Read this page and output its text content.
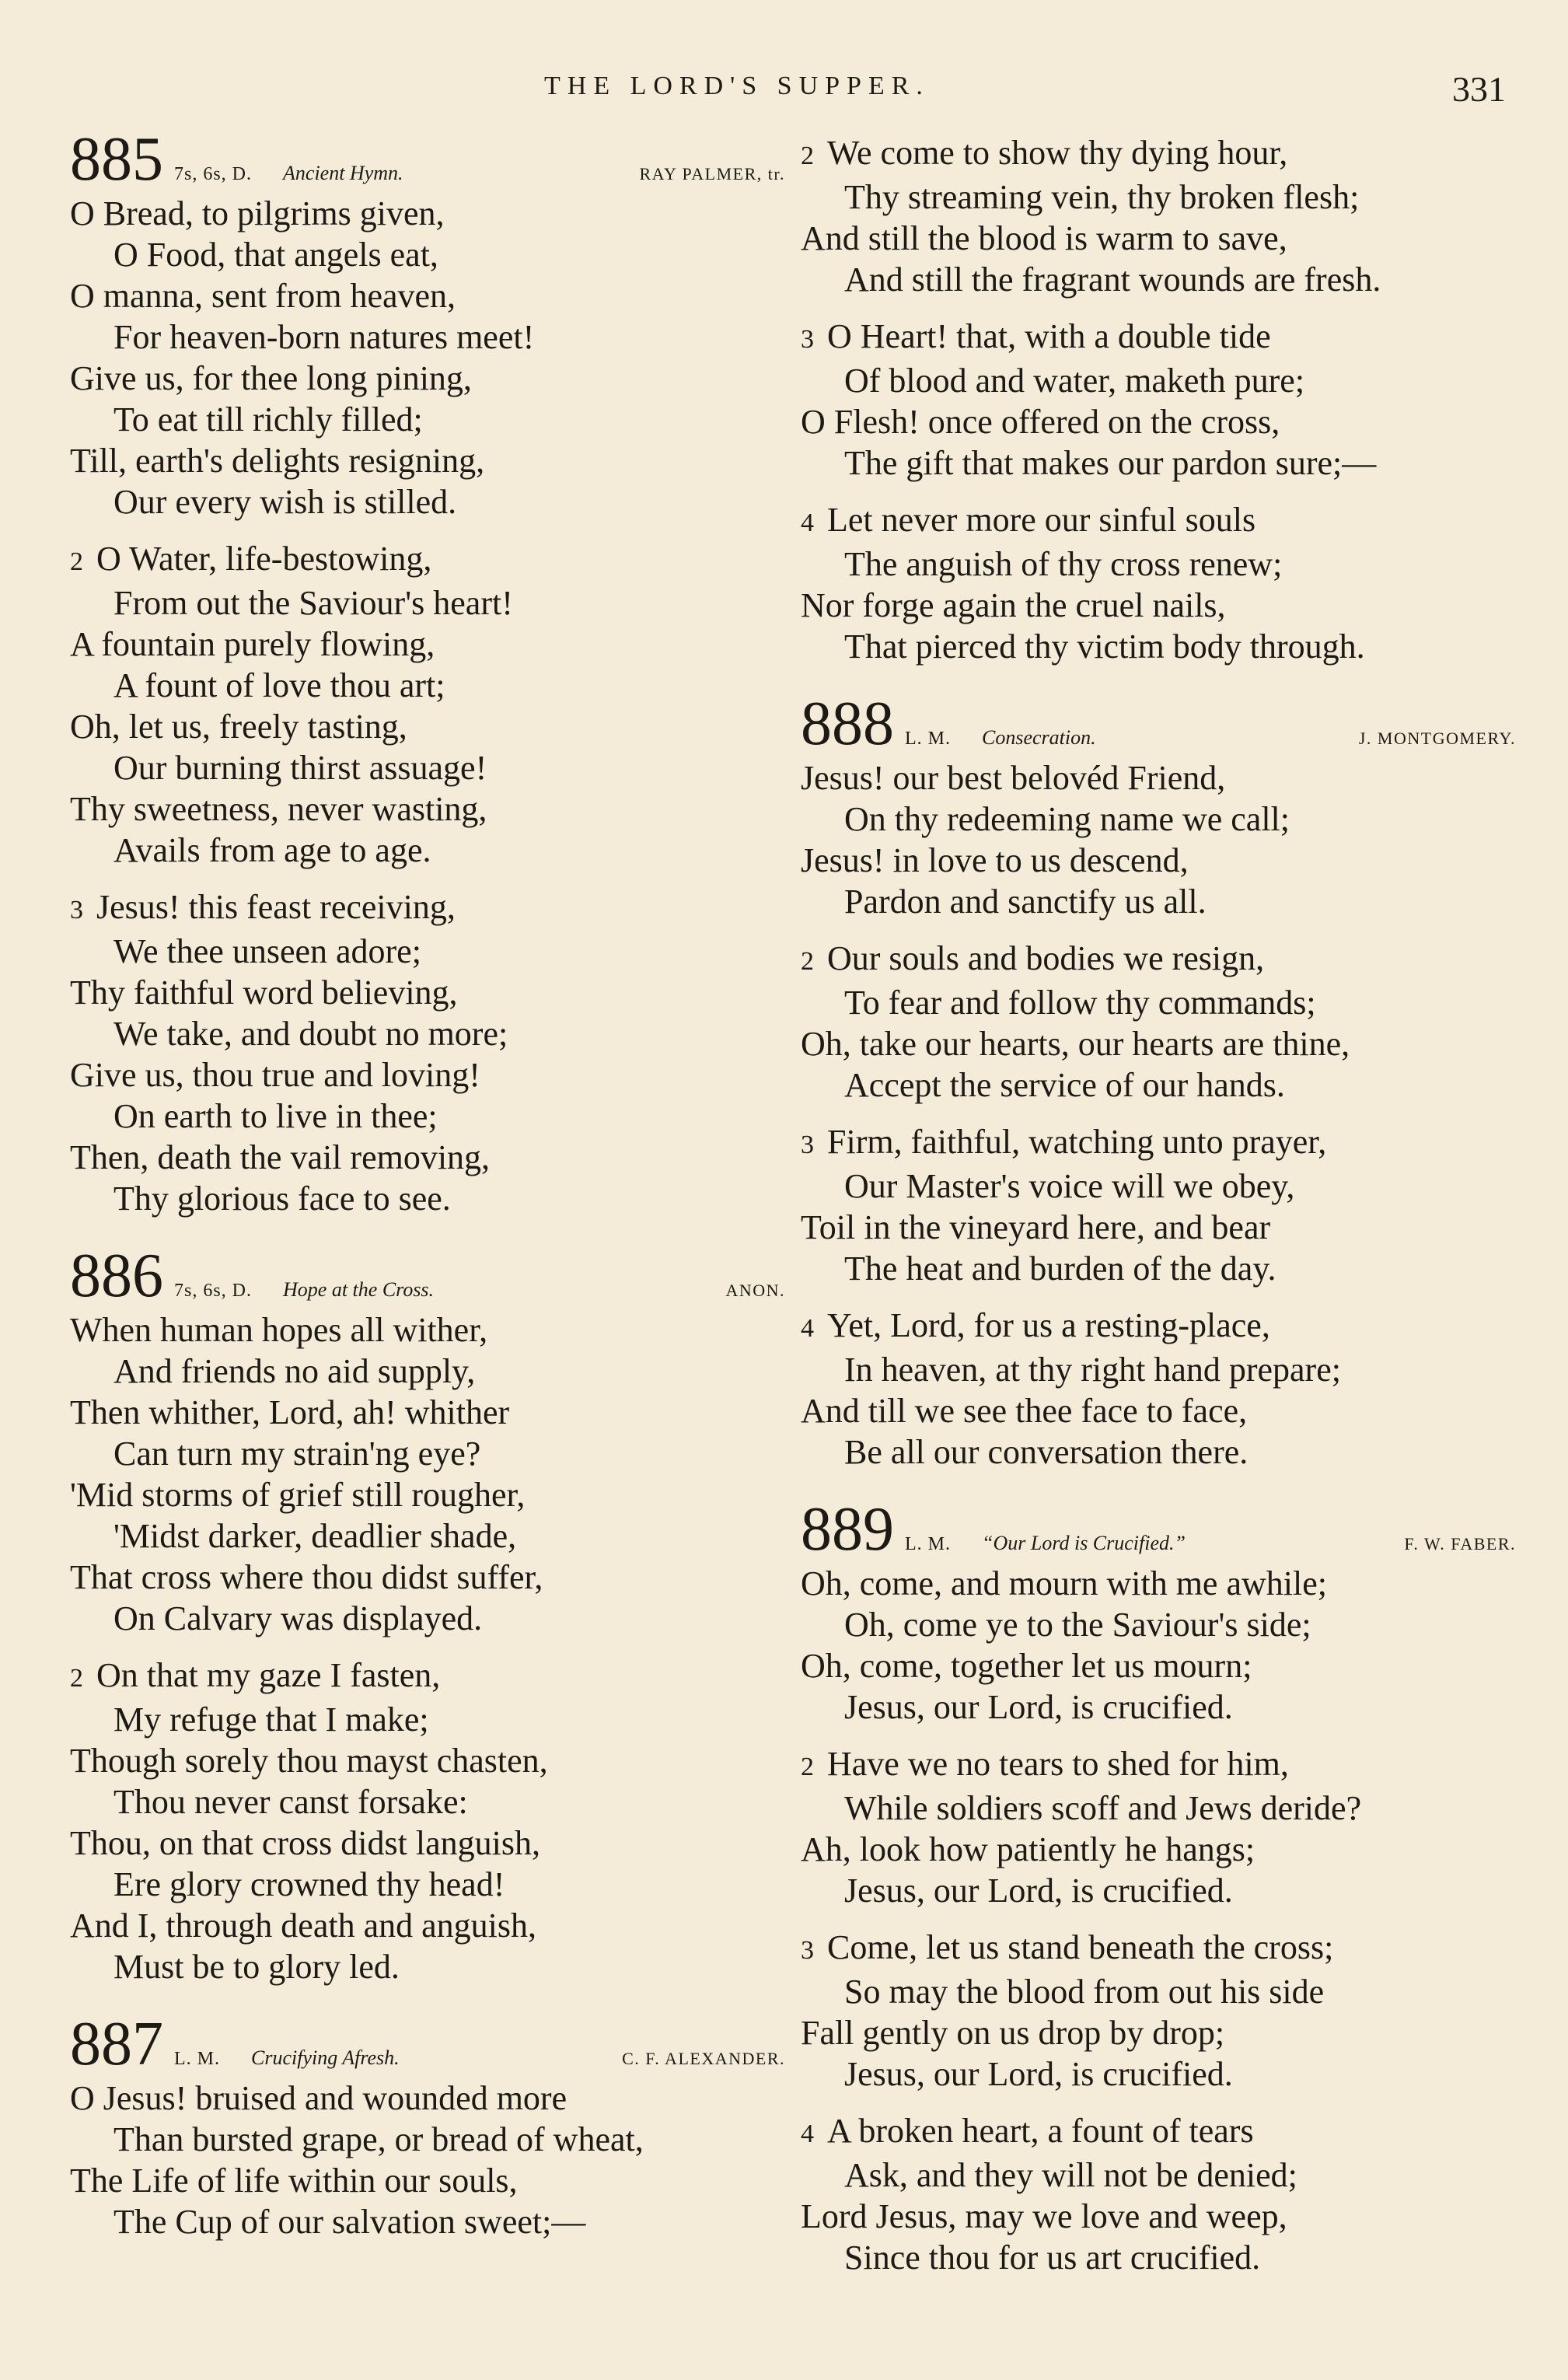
THE LORD'S SUPPER.	331
885 7s, 6s, D. Ancient Hymn.	RAY PALMER, tr.
O Bread, to pilgrims given,
O Food, that angels eat,
O manna, sent from heaven,
For heaven-born natures meet!
Give us, for thee long pining,
To eat till richly filled;
Till, earth's delights resigning,
Our every wish is stilled.
2 O Water, life-bestowing,
From out the Saviour's heart!
A fountain purely flowing,
A fount of love thou art;
Oh, let us, freely tasting,
Our burning thirst assuage!
Thy sweetness, never wasting,
Avails from age to age.
3 Jesus! this feast receiving,
We thee unseen adore;
Thy faithful word believing,
We take, and doubt no more;
Give us, thou true and loving!
On earth to live in thee;
Then, death the vail removing,
Thy glorious face to see.
886 7s, 6s, D. Hope at the Cross.	ANON.
When human hopes all wither,
And friends no aid supply,
Then whither, Lord, ah! whither
Can turn my strain'ng eye?
'Mid storms of grief still rougher,
'Midst darker, deadlier shade,
That cross where thou didst suffer,
On Calvary was displayed.
2 On that my gaze I fasten,
My refuge that I make;
Though sorely thou mayst chasten,
Thou never canst forsake:
Thou, on that cross didst languish,
Ere glory crowned thy head!
And I, through death and anguish,
Must be to glory led.
887 L. M. Crucifying Afresh.	C. F. ALEXANDER.
O Jesus! bruised and wounded more
Than bursted grape, or bread of wheat,
The Life of life within our souls,
The Cup of our salvation sweet;—
2 We come to show thy dying hour,
Thy streaming vein, thy broken flesh;
And still the blood is warm to save,
And still the fragrant wounds are fresh.
3 O Heart! that, with a double tide
Of blood and water, maketh pure;
O Flesh! once offered on the cross,
The gift that makes our pardon sure;—
4 Let never more our sinful souls
The anguish of thy cross renew;
Nor forge again the cruel nails,
That pierced thy victim body through.
888 L. M. Consecration.	J. MONTGOMERY.
Jesus! our best belovéd Friend,
On thy redeeming name we call;
Jesus! in love to us descend,
Pardon and sanctify us all.
2 Our souls and bodies we resign,
To fear and follow thy commands;
Oh, take our hearts, our hearts are thine,
Accept the service of our hands.
3 Firm, faithful, watching unto prayer,
Our Master's voice will we obey,
Toil in the vineyard here, and bear
The heat and burden of the day.
4 Yet, Lord, for us a resting-place,
In heaven, at thy right hand prepare;
And till we see thee face to face,
Be all our conversation there.
889 L. M. “Our Lord is Crucified.”	F. W. FABER.
Oh, come, and mourn with me awhile;
Oh, come ye to the Saviour's side;
Oh, come, together let us mourn;
Jesus, our Lord, is crucified.
2 Have we no tears to shed for him,
While soldiers scoff and Jews deride?
Ah, look how patiently he hangs;
Jesus, our Lord, is crucified.
3 Come, let us stand beneath the cross;
So may the blood from out his side
Fall gently on us drop by drop;
Jesus, our Lord, is crucified.
4 A broken heart, a fount of tears
Ask, and they will not be denied;
Lord Jesus, may we love and weep,
Since thou for us art crucified.
